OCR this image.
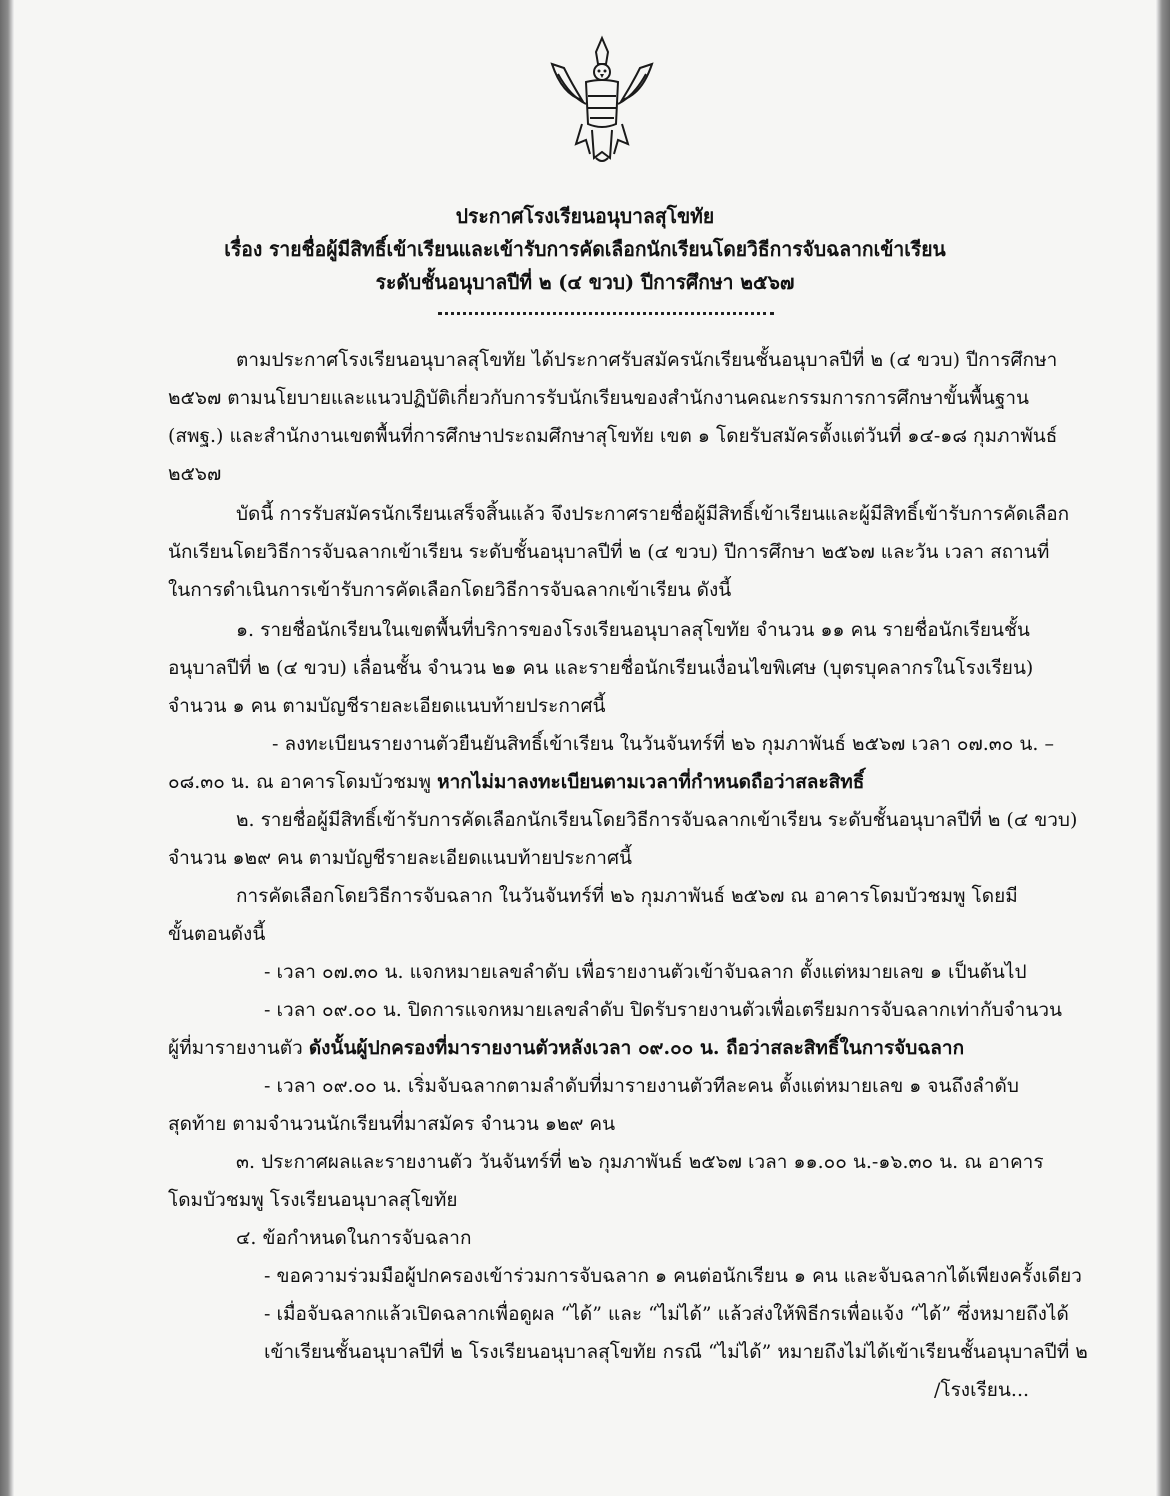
ประกาศโรงเรียนอนุบาลสุโขทัย
เรื่อง รายชื่อผู้มีสิทธิ์เข้าเรียนและเข้ารับการคัดเลือกนักเรียนโดยวิธีการจับฉลากเข้าเรียน
ระดับชั้นอนุบาลปีที่ ๒ (๔ ขวบ) ปีการศึกษา ๒๕๖๗
ตามประกาศโรงเรียนอนุบาลสุโขทัย ได้ประกาศรับสมัครนักเรียนชั้นอนุบาลปีที่ ๒ (๔ ขวบ) ปีการศึกษา
๒๕๖๗ ตามนโยบายและแนวปฏิบัติเกี่ยวกับการรับนักเรียนของสำนักงานคณะกรรมการการศึกษาขั้นพื้นฐาน
(สพฐ.) และสำนักงานเขตพื้นที่การศึกษาประถมศึกษาสุโขทัย เขต ๑ โดยรับสมัครตั้งแต่วันที่ ๑๔-๑๘ กุมภาพันธ์
๒๕๖๗
บัดนี้ การรับสมัครนักเรียนเสร็จสิ้นแล้ว จึงประกาศรายชื่อผู้มีสิทธิ์เข้าเรียนและผู้มีสิทธิ์เข้ารับการคัดเลือก
นักเรียนโดยวิธีการจับฉลากเข้าเรียน ระดับชั้นอนุบาลปีที่ ๒ (๔ ขวบ) ปีการศึกษา ๒๕๖๗ และวัน เวลา สถานที่
ในการดำเนินการเข้ารับการคัดเลือกโดยวิธีการจับฉลากเข้าเรียน ดังนี้
๑. รายชื่อนักเรียนในเขตพื้นที่บริการของโรงเรียนอนุบาลสุโขทัย จำนวน ๑๑ คน รายชื่อนักเรียนชั้น
อนุบาลปีที่ ๒ (๔ ขวบ) เลื่อนชั้น จำนวน ๒๑ คน และรายชื่อนักเรียนเงื่อนไขพิเศษ (บุตรบุคลากรในโรงเรียน)
จำนวน ๑ คน ตามบัญชีรายละเอียดแนบท้ายประกาศนี้
- ลงทะเบียนรายงานตัวยืนยันสิทธิ์เข้าเรียน ในวันจันทร์ที่ ๒๖ กุมภาพันธ์ ๒๕๖๗ เวลา ๐๗.๓๐ น. –
๐๘.๓๐ น. ณ อาคารโดมบัวชมพู หากไม่มาลงทะเบียนตามเวลาที่กำหนดถือว่าสละสิทธิ์
๒. รายชื่อผู้มีสิทธิ์เข้ารับการคัดเลือกนักเรียนโดยวิธีการจับฉลากเข้าเรียน ระดับชั้นอนุบาลปีที่ ๒ (๔ ขวบ)
จำนวน ๑๒๙ คน ตามบัญชีรายละเอียดแนบท้ายประกาศนี้
การคัดเลือกโดยวิธีการจับฉลาก ในวันจันทร์ที่ ๒๖ กุมภาพันธ์ ๒๕๖๗ ณ อาคารโดมบัวชมพู โดยมี
ขั้นตอนดังนี้
- เวลา ๐๗.๓๐ น. แจกหมายเลขลำดับ เพื่อรายงานตัวเข้าจับฉลาก ตั้งแต่หมายเลข ๑ เป็นต้นไป
- เวลา ๐๙.๐๐ น. ปิดการแจกหมายเลขลำดับ ปิดรับรายงานตัวเพื่อเตรียมการจับฉลากเท่ากับจำนวน
ผู้ที่มารายงานตัว ดังนั้นผู้ปกครองที่มารายงานตัวหลังเวลา ๐๙.๐๐ น. ถือว่าสละสิทธิ์ในการจับฉลาก
- เวลา ๐๙.๐๐ น. เริ่มจับฉลากตามลำดับที่มารายงานตัวทีละคน ตั้งแต่หมายเลข ๑ จนถึงลำดับ
สุดท้าย ตามจำนวนนักเรียนที่มาสมัคร จำนวน ๑๒๙ คน
๓. ประกาศผลและรายงานตัว วันจันทร์ที่ ๒๖ กุมภาพันธ์ ๒๕๖๗ เวลา ๑๑.๐๐ น.-๑๖.๓๐ น. ณ อาคาร
โดมบัวชมพู โรงเรียนอนุบาลสุโขทัย
๔. ข้อกำหนดในการจับฉลาก
- ขอความร่วมมือผู้ปกครองเข้าร่วมการจับฉลาก ๑ คนต่อนักเรียน ๑ คน และจับฉลากได้เพียงครั้งเดียว
- เมื่อจับฉลากแล้วเปิดฉลากเพื่อดูผล “ได้” และ “ไม่ได้” แล้วส่งให้พิธีกรเพื่อแจ้ง “ได้” ซึ่งหมายถึงได้
เข้าเรียนชั้นอนุบาลปีที่ ๒ โรงเรียนอนุบาลสุโขทัย กรณี “ไม่ได้” หมายถึงไม่ได้เข้าเรียนชั้นอนุบาลปีที่ ๒
/โรงเรียน...
